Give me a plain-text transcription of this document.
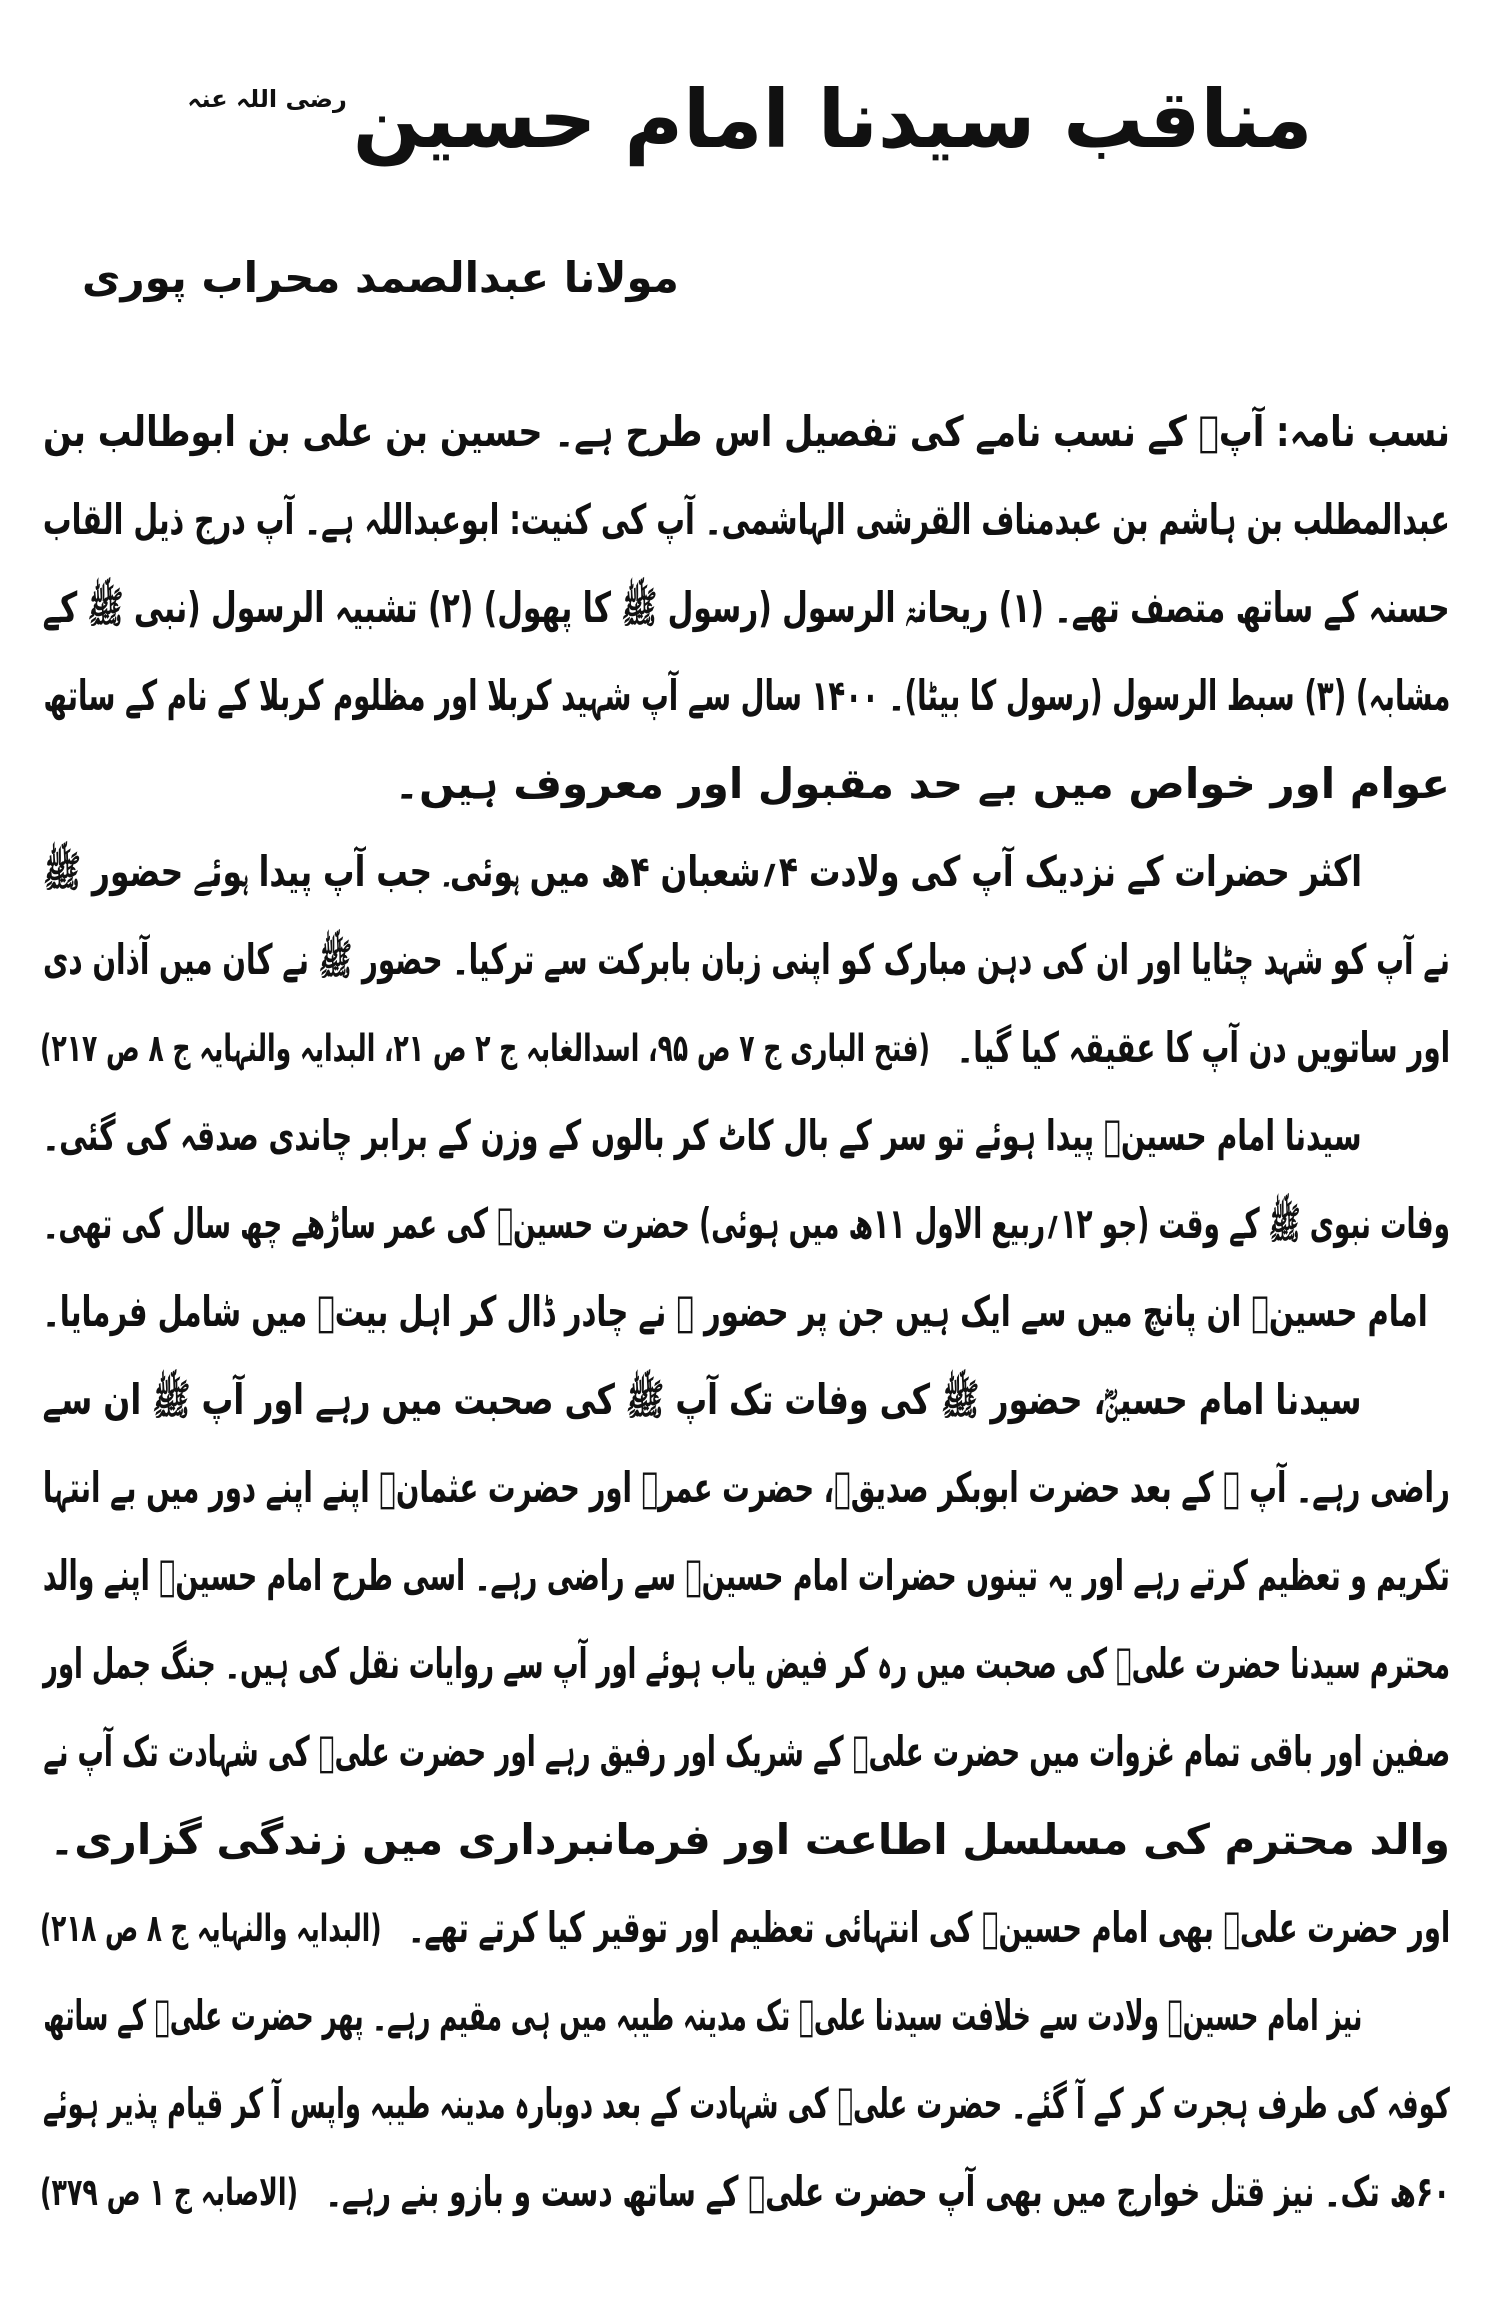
مناقب سیدنا امام حسینرضی اللہ عنہ
مولانا عبدالصمد محراب پوری
نسب نامہ: آپؓ کے نسب نامے کی تفصیل اس طرح ہے۔ حسین بن علی بن ابوطالب بن
عبدالمطلب بن ہاشم بن عبدمناف القرشی الہاشمی۔ آپ کی کنیت: ابوعبداللہ ہے۔ آپ درج ذیل القاب
حسنہ کے ساتھ متصف تھے۔ (۱) ریحانۃ الرسول (رسول ﷺ کا پھول) (۲) تشبیہ الرسول (نبی ﷺ کے
مشابہ) (۳) سبط الرسول (رسول کا بیٹا)۔ ۱۴۰۰ سال سے آپ شہید کربلا اور مظلوم کربلا کے نام کے ساتھ
عوام اور خواص میں بے حد مقبول اور معروف ہیں۔
اکثر حضرات کے نزدیک آپ کی ولادت ۴؍شعبان ۴ھ میں ہوئی۔ جب آپ پیدا ہوئے حضور ﷺ
نے آپ کو شہد چٹایا اور ان کی دہن مبارک کو اپنی زبان بابرکت سے ترکیا۔ حضور ﷺ نے کان میں آذان دی
اور ساتویں دن آپ کا عقیقہ کیا گیا۔
(فتح الباری ج ۷ ص ۹۵، اسدالغابہ ج ۲ ص ۲۱، البدایہ والنہایہ ج ۸ ص ۲۱۷)
سیدنا امام حسینؓ پیدا ہوئے تو سر کے بال کاٹ کر بالوں کے وزن کے برابر چاندی صدقہ کی گئی۔
وفات نبوی ﷺ کے وقت (جو ۱۲؍ربیع الاول ۱۱ھ میں ہوئی) حضرت حسینؓ کی عمر ساڑھے چھ سال کی تھی۔
امام حسینؓ ان پانچ میں سے ایک ہیں جن پر حضور ﷺ نے چادر ڈال کر اہل بیتؓ میں شامل فرمایا۔
سیدنا امام حسینؓ، حضور ﷺ کی وفات تک آپ ﷺ کی صحبت میں رہے اور آپ ﷺ ان سے
راضی رہے۔ آپ ﷺ کے بعد حضرت ابوبکر صدیقؓ، حضرت عمرؓ اور حضرت عثمانؓ اپنے اپنے دور میں بے انتہا
تکریم و تعظیم کرتے رہے اور یہ تینوں حضرات امام حسینؓ سے راضی رہے۔ اسی طرح امام حسینؓ اپنے والد
محترم سیدنا حضرت علیؓ کی صحبت میں رہ کر فیض یاب ہوئے اور آپ سے روایات نقل کی ہیں۔ جنگ جمل اور
صفین اور باقی تمام غزوات میں حضرت علیؓ کے شریک اور رفیق رہے اور حضرت علیؓ کی شہادت تک آپ نے
والد محترم کی مسلسل اطاعت اور فرمانبرداری میں زندگی گزاری۔
اور حضرت علیؓ بھی امام حسینؓ کی انتہائی تعظیم اور توقیر کیا کرتے تھے۔
(البدایہ والنہایہ ج ۸ ص ۲۱۸)
نیز امام حسینؓ ولادت سے خلافت سیدنا علیؓ تک مدینہ طیبہ میں ہی مقیم رہے۔ پھر حضرت علیؓ کے ساتھ
کوفہ کی طرف ہجرت کر کے آ گئے۔ حضرت علیؓ کی شہادت کے بعد دوبارہ مدینہ طیبہ واپس آ کر قیام پذیر ہوئے
۶۰ھ تک۔ نیز قتل خوارج میں بھی آپ حضرت علیؓ کے ساتھ دست و بازو بنے رہے۔
(الاصابہ ج ۱ ص ۳۷۹)
